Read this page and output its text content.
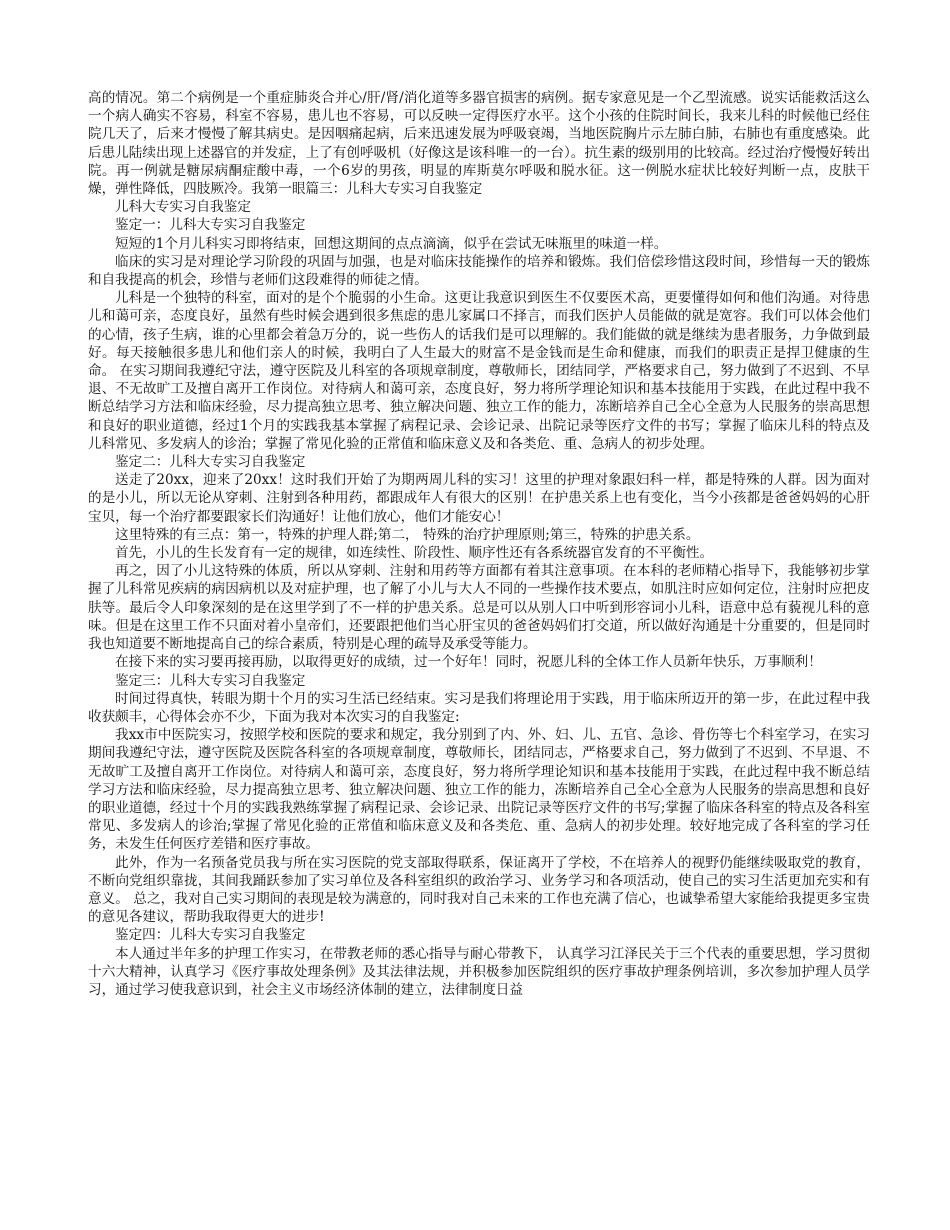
高的情况。第二个病例是一个重症肺炎合并心/肝/肾/消化道等多器官损害的病例。据专家意见是一个乙型流感。说实话能救活这么一个病人确实不容易，科室不容易，患儿也不容易，可以反映一定得医疗水平。这个小孩的住院时间长，我来儿科的时候他已经住院几天了，后来才慢慢了解其病史。是因咽痛起病，后来迅速发展为呼吸衰竭，当地医院胸片示左肺白肺，右肺也有重度感染。此后患儿陆续出现上述器官的并发症，上了有创呼吸机（好像这是该科唯一的一台）。抗生素的级别用的比较高。经过治疗慢慢好转出院。再一例就是糖尿病酮症酸中毒，一个6岁的男孩，明显的库斯莫尔呼吸和脱水征。这一例脱水症状比较好判断一点，皮肤干燥，弹性降低，四肢厥冷。我第一眼篇三：儿科大专实习自我鉴定

儿科大专实习自我鉴定

鉴定一：儿科大专实习自我鉴定

短短的1个月儿科实习即将结束，回想这期间的点点滴滴，似乎在尝试无味瓶里的味道一样。

临床的实习是对理论学习阶段的巩固与加强，也是对临床技能操作的培养和锻炼。我们倍偿珍惜这段时间，珍惜每一天的锻炼和自我提高的机会，珍惜与老师们这段难得的师徒之情。

儿科是一个独特的科室，面对的是个个脆弱的小生命。这更让我意识到医生不仅要医术高，更要懂得如何和他们沟通。对待患儿和蔼可亲，态度良好，虽然有些时候会遇到很多焦虑的患儿家属口不择言，而我们医护人员能做的就是宽容。我们可以体会他们的心情，孩子生病，谁的心里都会着急万分的，说一些伤人的话我们是可以理解的。我们能做的就是继续为患者服务，力争做到最好。每天接触很多患儿和他们亲人的时候，我明白了人生最大的财富不是金钱而是生命和健康，而我们的职责正是捍卫健康的生命。 在实习期间我遵纪守法，遵守医院及儿科室的各项规章制度，尊敬师长，团结同学，严格要求自己，努力做到了不迟到、不早退、不无故旷工及擅自离开工作岗位。对待病人和蔼可亲，态度良好，努力将所学理论知识和基本技能用于实践，在此过程中我不断总结学习方法和临床经验，尽力提高独立思考、独立解决问题、独立工作的能力，冻断培养自己全心全意为人民服务的崇高思想和良好的职业道德，经过1个月的实践我基本掌握了病程记录、会诊记录、出院记录等医疗文件的书写；掌握了临床儿科的特点及儿科常见、多发病人的诊治；掌握了常见化验的正常值和临床意义及和各类危、重、急病人的初步处理。

鉴定二：儿科大专实习自我鉴定

送走了20xx，迎来了20xx！这时我们开始了为期两周儿科的实习！这里的护理对象跟妇科一样，都是特殊的人群。因为面对的是小儿，所以无论从穿刺、注射到各种用药，都跟成年人有很大的区别！在护患关系上也有变化，当今小孩都是爸爸妈妈的心肝宝贝，每一个治疗都要跟家长们沟通好！让他们放心，他们才能安心！

这里特殊的有三点：第一，特殊的护理人群;第二， 特殊的治疗护理原则;第三，特殊的护患关系。

首先，小儿的生长发育有一定的规律，如连续性、阶段性、顺序性还有各系统器官发育的不平衡性。

再之，因了小儿这特殊的体质，所以从穿刺、注射和用药等方面都有着其注意事项。在本科的老师精心指导下，我能够初步掌握了儿科常见疾病的病因病机以及对症护理，也了解了小儿与大人不同的一些操作技术要点，如肌注时应如何定位，注射时应把皮肤等。最后令人印象深刻的是在这里学到了不一样的护患关系。总是可以从别人口中听到形容词小儿科，语意中总有藐视儿科的意味。但是在这里工作不只面对着小皇帝们，还要跟把他们当心肝宝贝的爸爸妈妈们打交道，所以做好沟通是十分重要的，但是同时我也知道要不断地提高自己的综合素质，特别是心理的疏导及承受等能力。

在接下来的实习要再接再励，以取得更好的成绩，过一个好年！同时，祝愿儿科的全体工作人员新年快乐，万事顺利！

鉴定三：儿科大专实习自我鉴定

时间过得真快，转眼为期十个月的实习生活已经结束。实习是我们将理论用于实践，用于临床所迈开的第一步，在此过程中我收获颇丰，心得体会亦不少，下面为我对本次实习的自我鉴定:

我xx市中医院实习，按照学校和医院的要求和规定，我分别到了内、外、妇、儿、五官、急诊、骨伤等七个科室学习，在实习期间我遵纪守法，遵守医院及医院各科室的各项规章制度，尊敬师长，团结同志，严格要求自己，努力做到了不迟到、不早退、不无故旷工及擅自离开工作岗位。对待病人和蔼可亲，态度良好，努力将所学理论知识和基本技能用于实践，在此过程中我不断总结学习方法和临床经验，尽力提高独立思考、独立解决问题、独立工作的能力，冻断培养自己全心全意为人民服务的崇高思想和良好的职业道德，经过十个月的实践我熟练掌握了病程记录、会诊记录、出院记录等医疗文件的书写;掌握了临床各科室的特点及各科室常见、多发病人的诊治;掌握了常见化验的正常值和临床意义及和各类危、重、急病人的初步处理。较好地完成了各科室的学习任务，未发生任何医疗差错和医疗事故。

此外，作为一名预备党员我与所在实习医院的党支部取得联系，保证离开了学校，不在培养人的视野仍能继续吸取党的教育，不断向党组织靠拢，其间我踊跃参加了实习单位及各科室组织的政治学习、业务学习和各项活动，使自己的实习生活更加充实和有意义。 总之，我对自己实习期间的表现是较为满意的，同时我对自己未来的工作也充满了信心，也诚挚希望大家能给我提更多宝贵的意见各建议，帮助我取得更大的进步!

鉴定四：儿科大专实习自我鉴定

本人通过半年多的护理工作实习，在带教老师的悉心指导与耐心带教下， 认真学习江泽民关于三个代表的重要思想，学习贯彻十六大精神，认真学习《医疗事故处理条例》及其法律法规，并积极参加医院组织的医疗事故护理条例培训，多次参加护理人员学习，通过学习使我意识到，社会主义市场经济体制的建立，法律制度日益
